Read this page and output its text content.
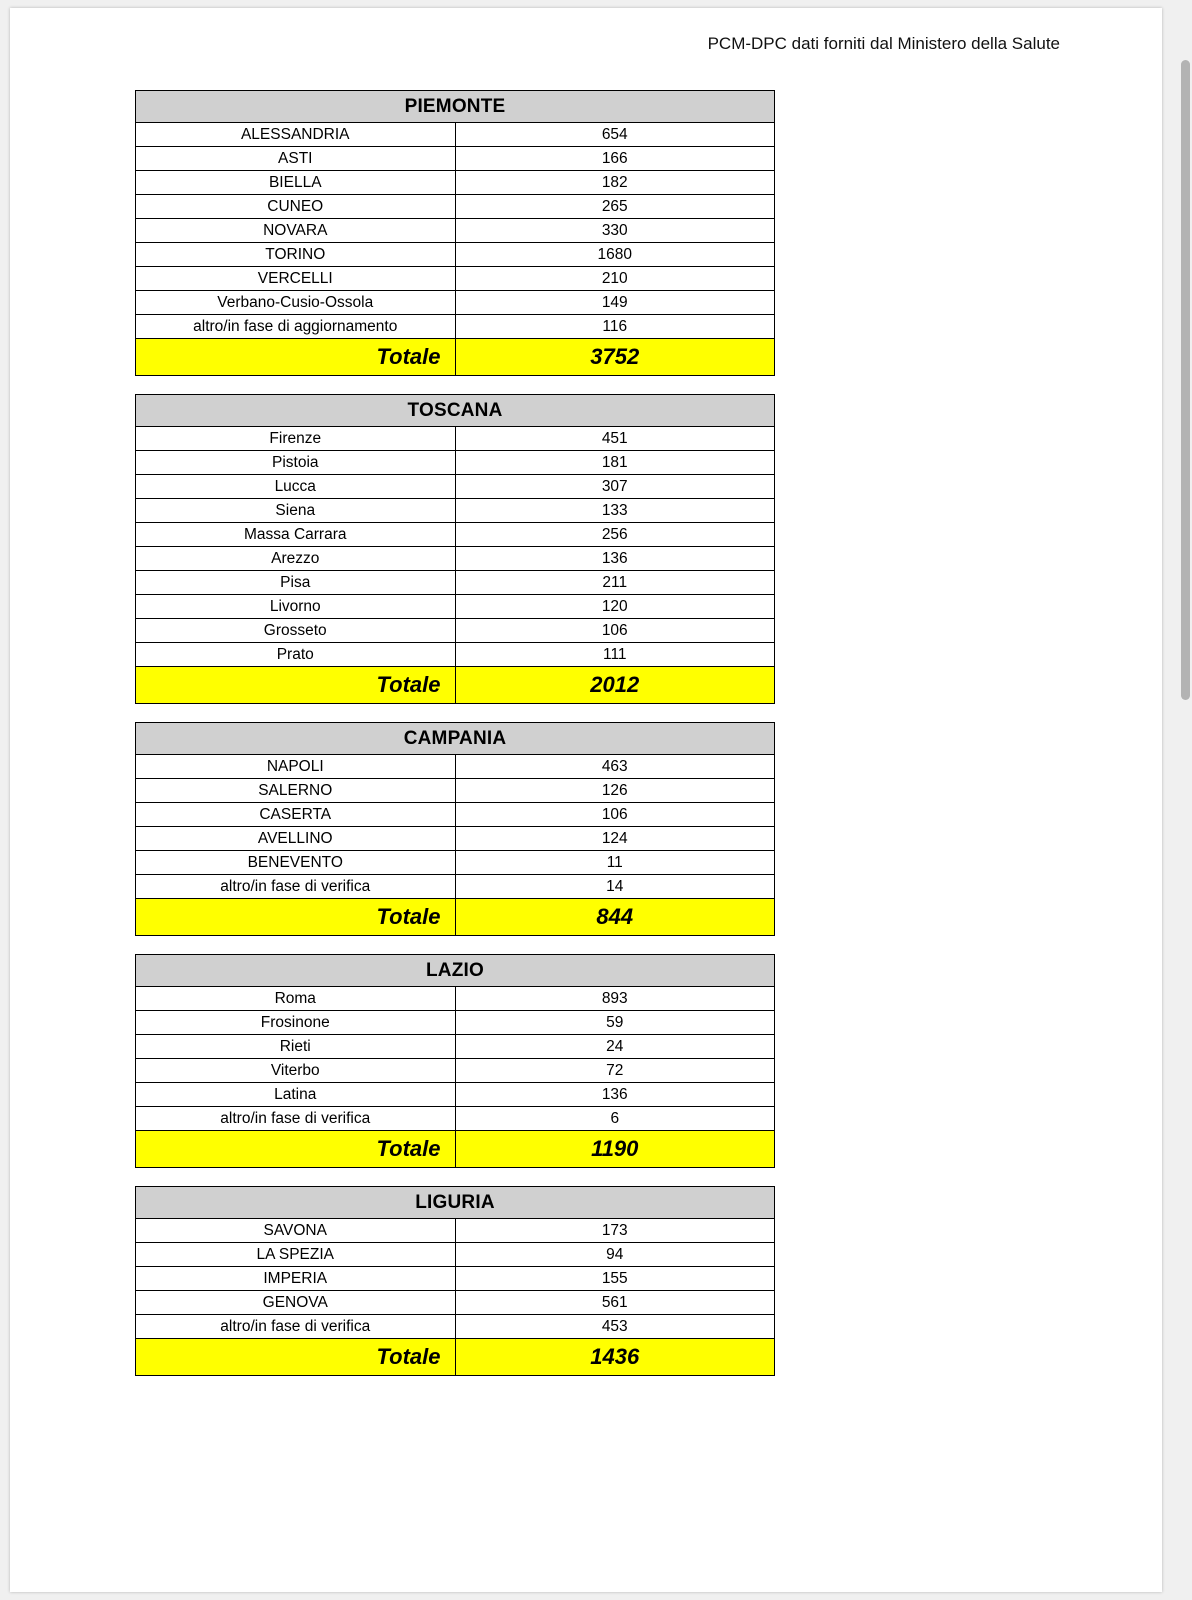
PCM-DPC dati forniti dal Ministero della Salute
PIEMONTE	
ALESSANDRIA	654
ASTI	166
BIELLA	182
CUNEO	265
NOVARA	330
TORINO	1680
VERCELLI	210
Verbano-Cusio-Ossola	149
altro/in fase di aggiornamento	116
Totale	3752
TOSCANA	
Firenze	451
Pistoia	181
Lucca	307
Siena	133
Massa Carrara	256
Arezzo	136
Pisa	211
Livorno	120
Grosseto	106
Prato	111
Totale	2012
CAMPANIA	
NAPOLI	463
SALERNO	126
CASERTA	106
AVELLINO	124
BENEVENTO	11
altro/in fase di verifica	14
Totale	844
LAZIO	
Roma	893
Frosinone	59
Rieti	24
Viterbo	72
Latina	136
altro/in fase di verifica	6
Totale	1190
LIGURIA	
SAVONA	173
LA SPEZIA	94
IMPERIA	155
GENOVA	561
altro/in fase di verifica	453
Totale	1436
